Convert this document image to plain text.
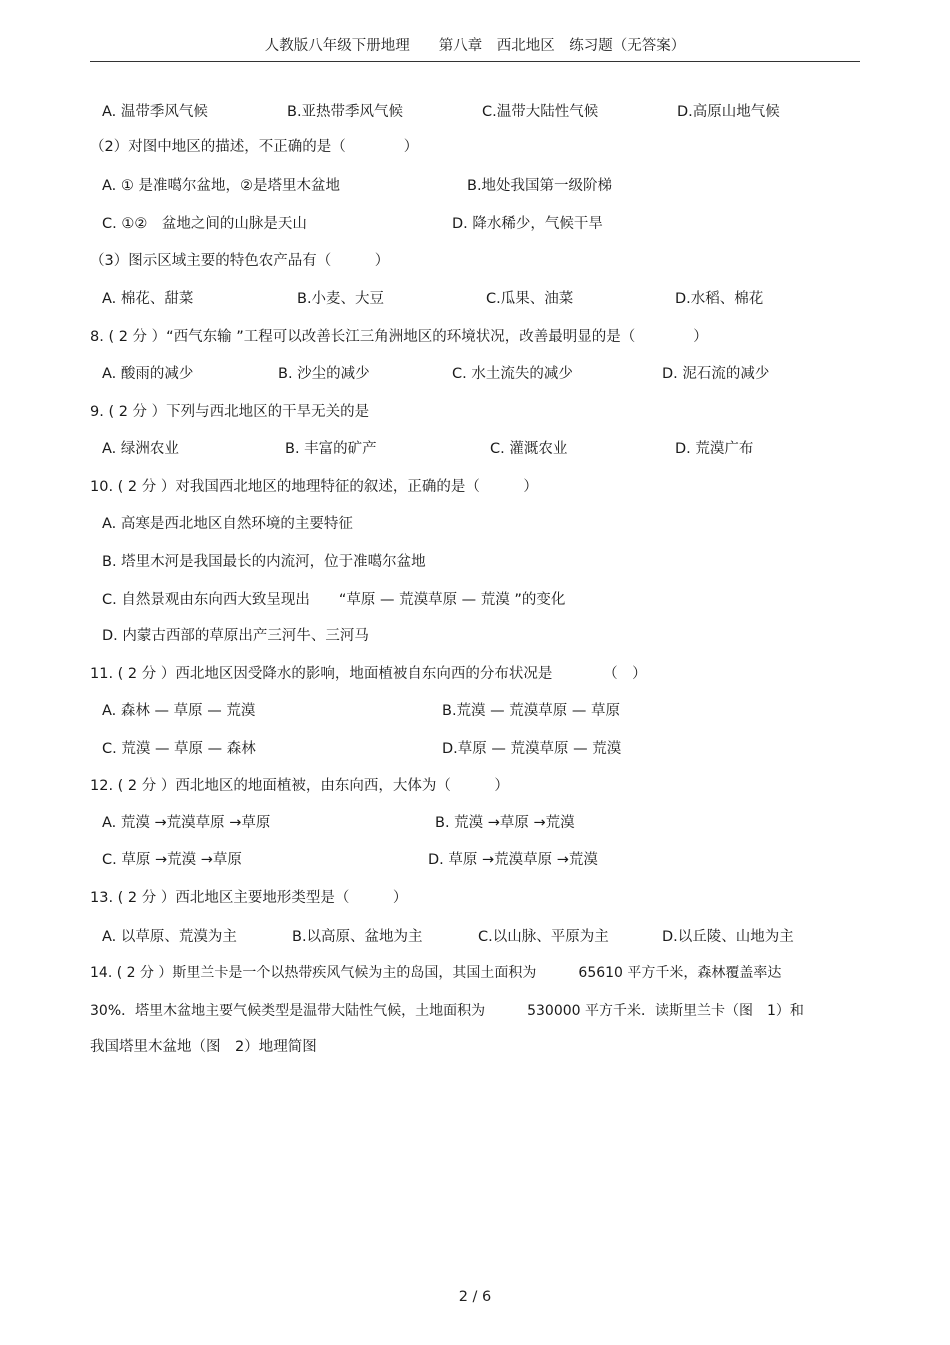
人教版八年级下册地理　　第八章　西北地区　练习题（无答案）
A. 温带季风气候	B.亚热带季风气候	C.温带大陆性气候	D.高原山地气候
（2）对图中地区的描述，不正确的是（　　　　）
A. ① 是准噶尔盆地，②是塔里木盆地	B.地处我国第一级阶梯
C. ①②　盆地之间的山脉是天山	D. 降水稀少，气候干旱
（3）图示区域主要的特色农产品有（　　　）
A. 棉花、甜菜	B.小麦、大豆	C.瓜果、油菜	D.水稻、棉花
8. ( 2 分 ）“西气东输 ”工程可以改善长江三角洲地区的环境状况，改善最明显的是（　　　　）
A. 酸雨的减少	B. 沙尘的减少	C. 水土流失的减少	D. 泥石流的减少
9. ( 2 分 ）下列与西北地区的干旱无关的是
A. 绿洲农业	B. 丰富的矿产	C. 灌溉农业	D. 荒漠广布
10. ( 2 分 ）对我国西北地区的地理特征的叙述，正确的是（　　　）
A. 高寒是西北地区自然环境的主要特征
B. 塔里木河是我国最长的内流河，位于准噶尔盆地
C. 自然景观由东向西大致呈现出　　“草原 — 荒漠草原 — 荒漠 ”的变化
D. 内蒙古西部的草原出产三河牛、三河马
11. ( 2 分 ）西北地区因受降水的影响，地面植被自东向西的分布状况是　　　　（　）
A. 森林 — 草原 — 荒漠	B.荒漠 — 荒漠草原 — 草原
C. 荒漠 — 草原 — 森林	D.草原 — 荒漠草原 — 荒漠
12. ( 2 分 ）西北地区的地面植被，由东向西，大体为（　　　）
A. 荒漠 →荒漠草原 →草原	B. 荒漠 →草原 →荒漠
C. 草原 →荒漠 →草原	D. 草原 →荒漠草原 →荒漠
13. ( 2 分 ）西北地区主要地形类型是（　　　）
A. 以草原、荒漠为主	B.以高原、盆地为主	C.以山脉、平原为主	D.以丘陵、山地为主
14. ( 2 分 ）斯里兰卡是一个以热带疾风气候为主的岛国，其国土面积为　　　65610 平方千米，森林覆盖率达
30%．塔里木盆地主要气候类型是温带大陆性气候，土地面积为　　　530000 平方千米．读斯里兰卡（图　1）和
我国塔里木盆地（图　2）地理简图
2 / 6
